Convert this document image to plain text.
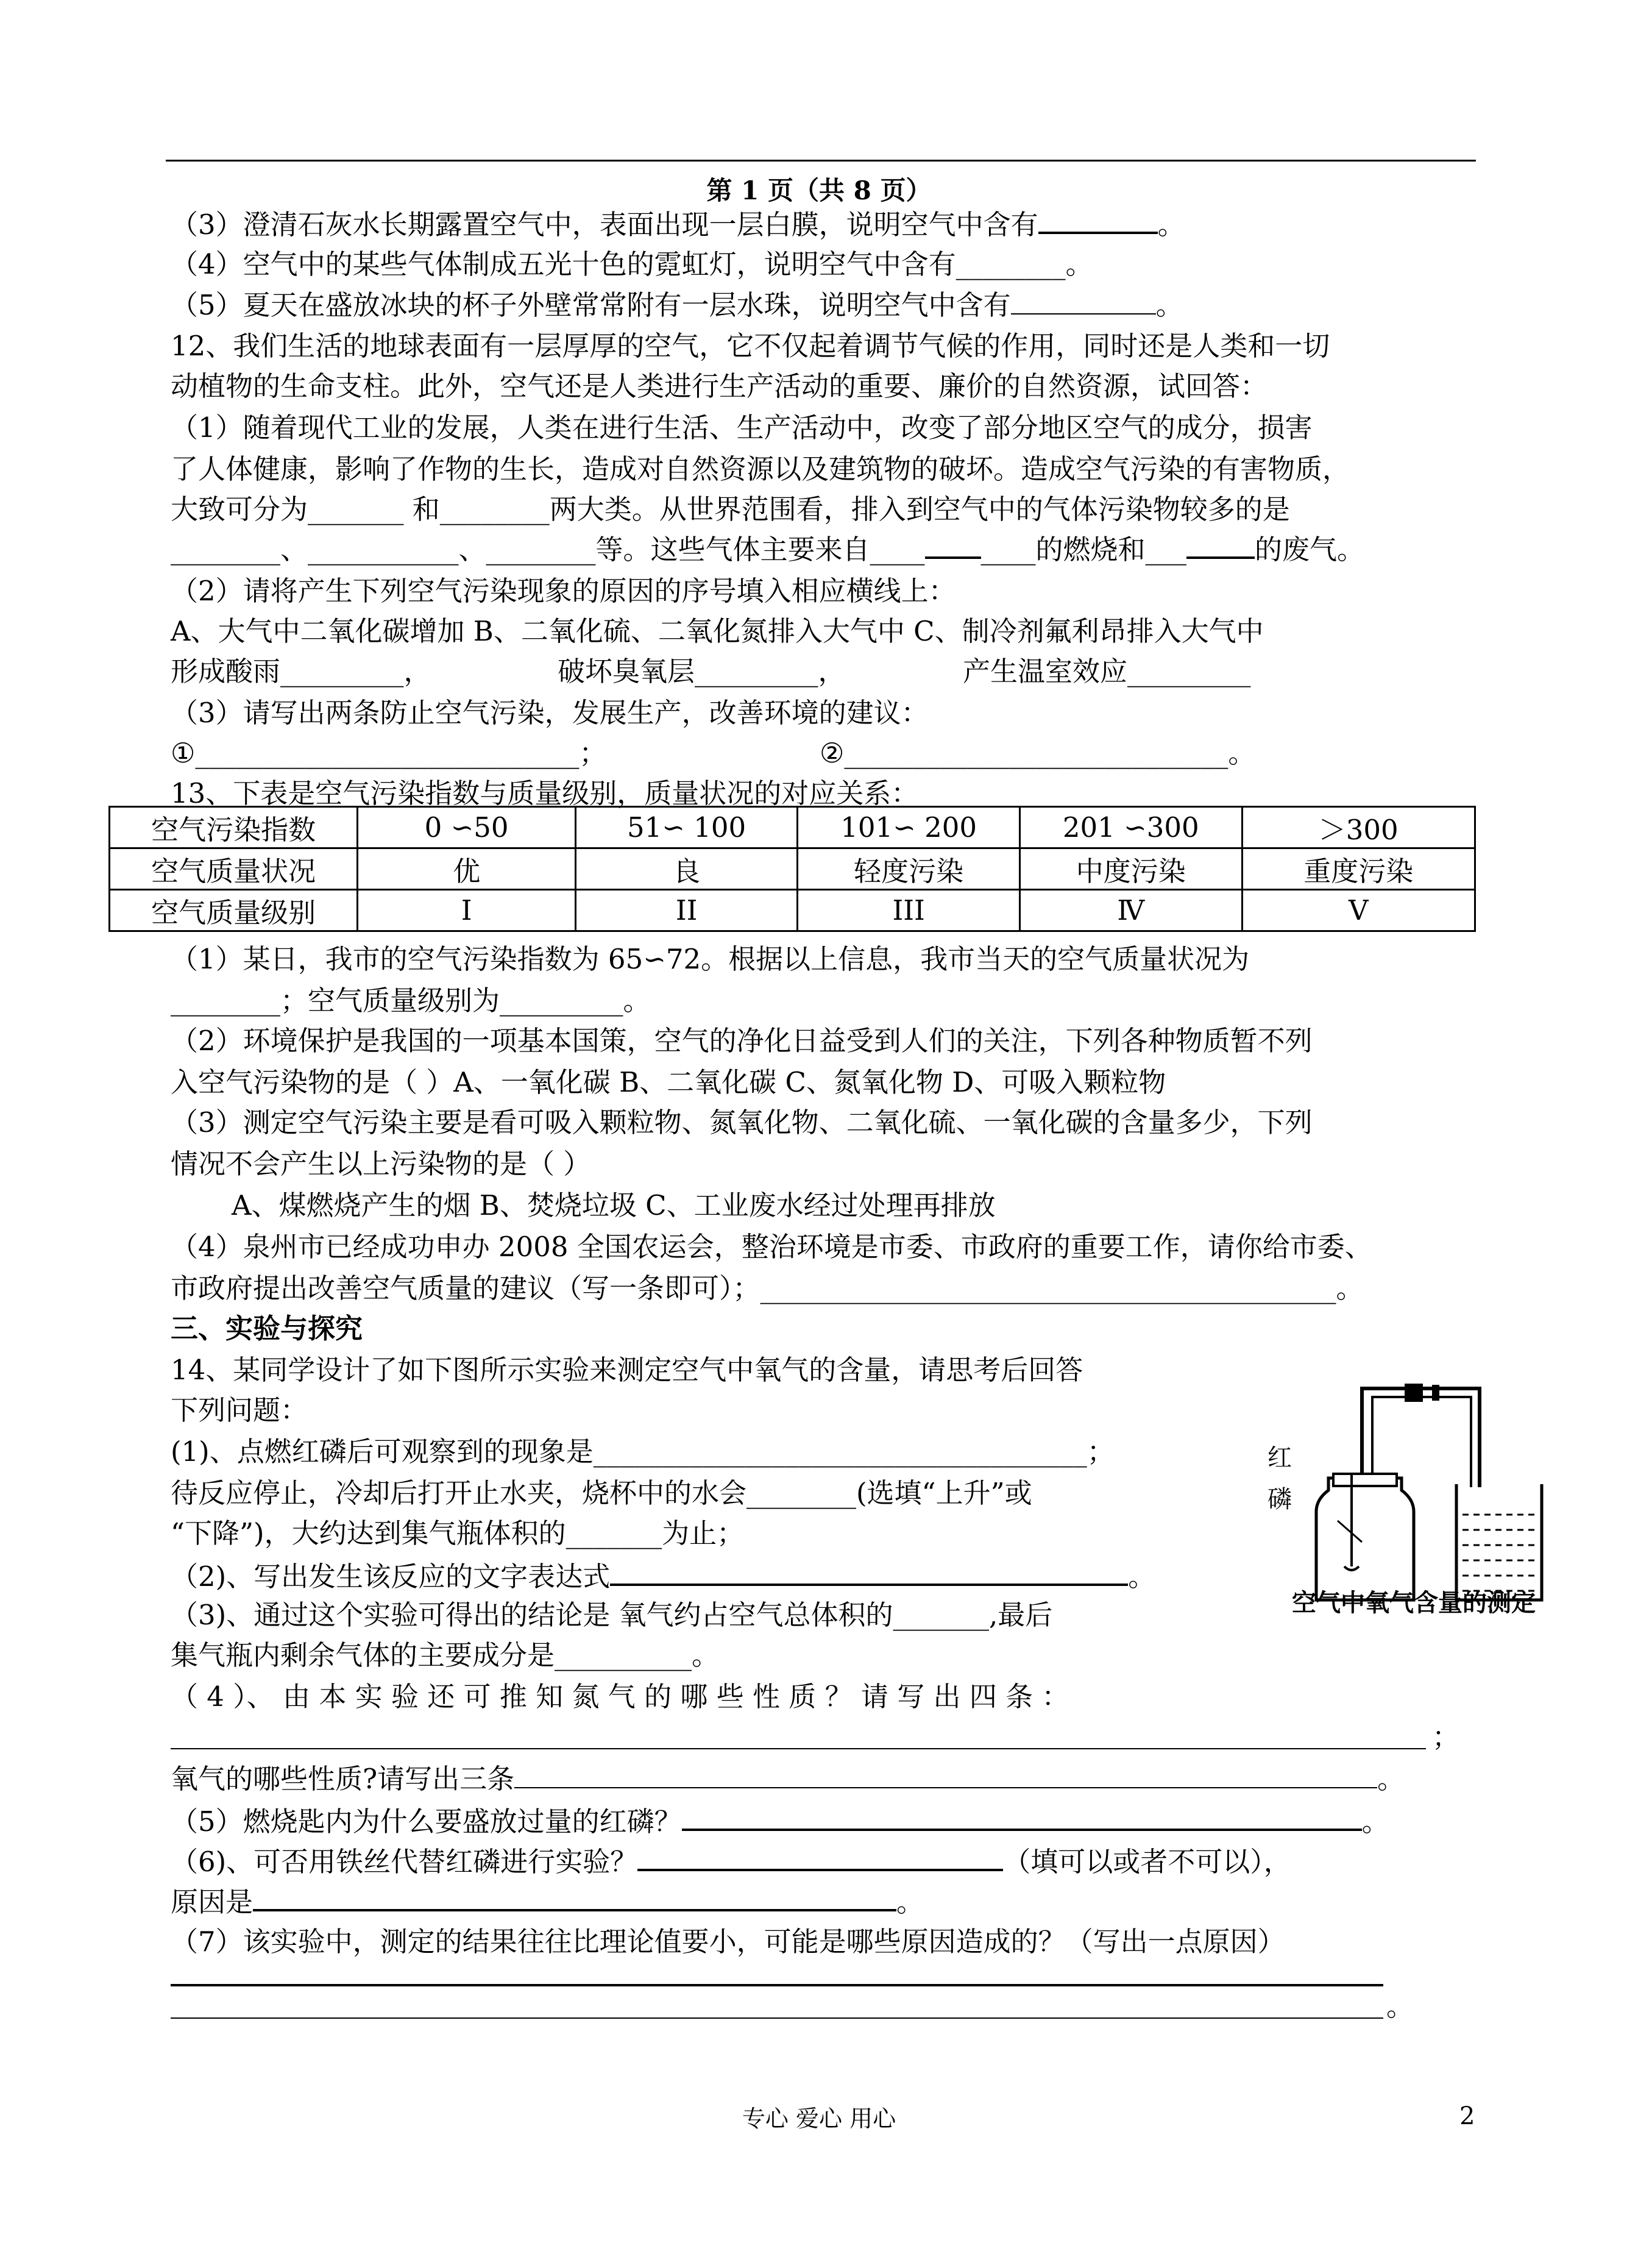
第 1 页（共 8 页）
（3）澄清石灰水长期露置空气中，表面出现一层白膜，说明空气中含有	。
（4）空气中的某些气体制成五光十色的霓虹灯，说明空气中含有________。
（5）夏天在盛放冰块的杯子外壁常常附有一层水珠，说明空气中含有	。
12、我们生活的地球表面有一层厚厚的空气，它不仅起着调节气候的作用，同时还是人类和一切
动植物的生命支柱。此外，空气还是人类进行生产活动的重要、廉价的自然资源，试回答：
（1）随着现代工业的发展，人类在进行生活、生产活动中，改变了部分地区空气的成分，损害
了人体健康，影响了作物的生长，造成对自然资源以及建筑物的破坏。造成空气污染的有害物质，
大致可分为_______ 和________两大类。从世界范围看，排入到空气中的气体污染物较多的是
________、___________、________等。这些气体主要来自____ ____的燃烧和___ 的废气。
（2）请将产生下列空气污染现象的原因的序号填入相应横线上：
A、大气中二氧化碳增加 B、二氧化硫、二氧化氮排入大气中 C、制冷剂氟利昂排入大气中
形成酸雨_________，	破坏臭氧层_________，	产生温室效应_________
（3）请写出两条防止空气污染，发展生产，改善环境的建议：
①____________________________；	②____________________________。
13、下表是空气污染指数与质量级别，质量状况的对应关系：
空气污染指数	0 ∽50	51∽ 100	101∽ 200	201 ∽300	＞300
空气质量状况	优	良	轻度污染	中度污染	重度污染
空气质量级别	I	II	III	Ⅳ	V
（1）某日，我市的空气污染指数为 65∽72。根据以上信息，我市当天的空气质量状况为
________；空气质量级别为_________。
（2）环境保护是我国的一项基本国策，空气的净化日益受到人们的关注，下列各种物质暂不列
入空气污染物的是（ ）A、一氧化碳 B、二氧化碳 C、氮氧化物 D、可吸入颗粒物
（3）测定空气污染主要是看可吸入颗粒物、氮氧化物、二氧化硫、一氧化碳的含量多少，下列
情况不会产生以上污染物的是（ ）
A、煤燃烧产生的烟 B、焚烧垃圾 C、工业废水经过处理再排放
（4）泉州市已经成功申办 2008 全国农运会，整治环境是市委、市政府的重要工作，请你给市委、
市政府提出改善空气质量的建议（写一条即可）；__________________________________________。
三、实验与探究
14、某同学设计了如下图所示实验来测定空气中氧气的含量，请思考后回答
下列问题：
(1)、点燃红磷后可观察到的现象是____________________________________；
待反应停止，冷却后打开止水夹，烧杯中的水会________(选填“上升”或
“下降”)，大约达到集气瓶体积的_______为止；
（2)、写出发生该反应的文字表达式	。
（3)、通过这个实验可得出的结论是 氧气约占空气总体积的_______,最后
集气瓶内剩余气体的主要成分是__________。
（ 4 ）、 由 本 实 验 还 可 推 知 氮 气 的 哪 些 性 质 ？ 请 写 出 四 条 ：
；
氧气的哪些性质?请写出三条	。
（5）燃烧匙内为什么要盛放过量的红磷？	。
（6)、可否用铁丝代替红磷进行实验？	（填可以或者不可以），
原因是	。
（7）该实验中，测定的结果往往比理论值要小，可能是哪些原因造成的？（写出一点原因）
。
红
磷
空气中氧气含量的测定
专心 爱心 用心	2
